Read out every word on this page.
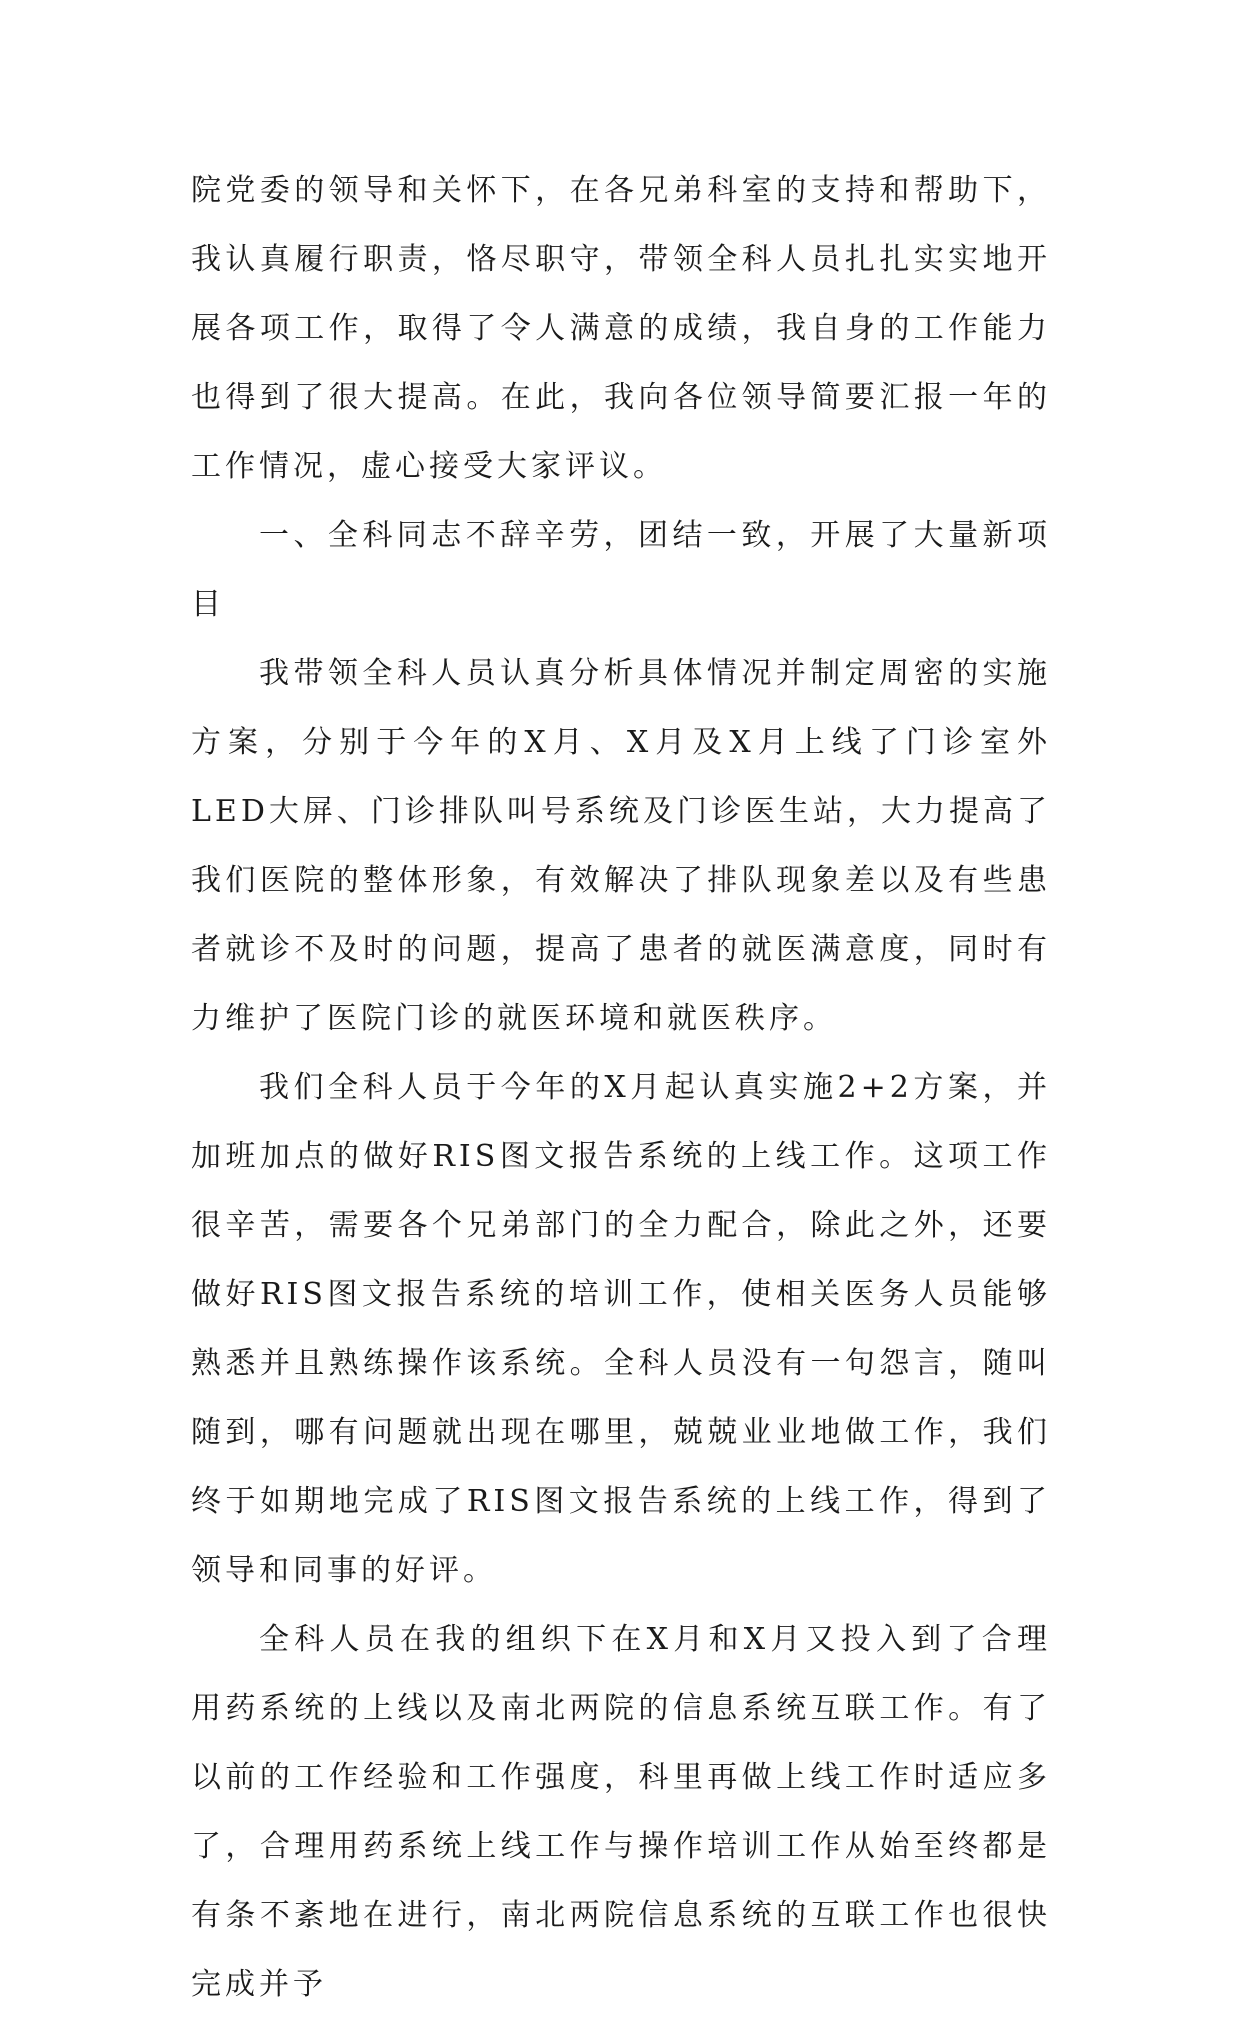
院党委的领导和关怀下，在各兄弟科室的支持和帮助下，我认真履行职责，恪尽职守，带领全科人员扎扎实实地开展各项工作，取得了令人满意的成绩，我自身的工作能力也得到了很大提高。在此，我向各位领导简要汇报一年的工作情况，虚心接受大家评议。

一、全科同志不辞辛劳，团结一致，开展了大量新项目

我带领全科人员认真分析具体情况并制定周密的实施方案，分别于今年的X月、X月及X月上线了门诊室外LED大屏、门诊排队叫号系统及门诊医生站，大力提高了我们医院的整体形象，有效解决了排队现象差以及有些患者就诊不及时的问题，提高了患者的就医满意度，同时有力维护了医院门诊的就医环境和就医秩序。

我们全科人员于今年的X月起认真实施2+2方案，并加班加点的做好RIS图文报告系统的上线工作。这项工作很辛苦，需要各个兄弟部门的全力配合，除此之外，还要做好RIS图文报告系统的培训工作，使相关医务人员能够熟悉并且熟练操作该系统。全科人员没有一句怨言，随叫随到，哪有问题就出现在哪里，兢兢业业地做工作，我们终于如期地完成了RIS图文报告系统的上线工作，得到了领导和同事的好评。

全科人员在我的组织下在X月和X月又投入到了合理用药系统的上线以及南北两院的信息系统互联工作。有了以前的工作经验和工作强度，科里再做上线工作时适应多了，合理用药系统上线工作与操作培训工作从始至终都是有条不紊地在进行，南北两院信息系统的互联工作也很快完成并予
